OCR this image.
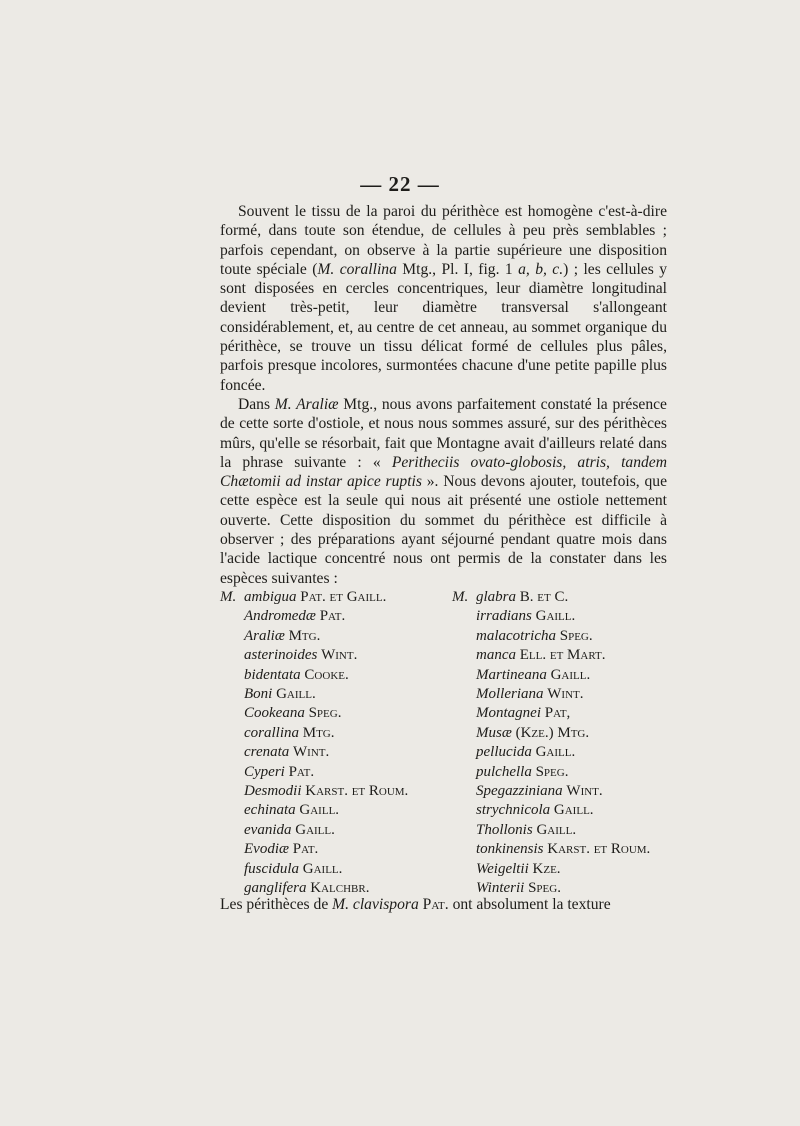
— 22 —

Souvent le tissu de la paroi du périthèce est homogène c'est-à-dire formé, dans toute son étendue, de cellules à peu près semblables ; parfois cependant, on observe à la partie supérieure une disposition toute spéciale (M. corallina Mtg., Pl. I, fig. 1 a, b, c.) ; les cellules y sont disposées en cercles concentriques, leur diamètre longitudinal devient très-petit, leur diamètre transversal s'allongeant considérablement, et, au centre de cet anneau, au sommet organique du périthèce, se trouve un tissu délicat formé de cellules plus pâles, parfois presque incolores, surmontées chacune d'une petite papille plus foncée.

Dans M. Araliæ Mtg., nous avons parfaitement constaté la présence de cette sorte d'ostiole, et nous nous sommes assuré, sur des périthèces mûrs, qu'elle se résorbait, fait que Montagne avait d'ailleurs relaté dans la phrase suivante : « Peritheciis ovato-globosis, atris, tandem Chætomii ad instar apice ruptis ». Nous devons ajouter, toutefois, que cette espèce est la seule qui nous ait présenté une ostiole nettement ouverte. Cette disposition du sommet du périthèce est difficile à observer ; des préparations ayant séjourné pendant quatre mois dans l'acide lactique concentré nous ont permis de la constater dans les espèces suivantes :

M. ambigua Pat. et Gaill.
Andromedæ Pat.
Araliæ Mtg.
asterinoides Wint.
bidentata Cooke.
Boni Gaill.
Cookeana Speg.
corallina Mtg.
crenata Wint.
Cyperi Pat.
Desmodii Karst. et Roum.
echinata Gaill.
evanida Gaill.
Evodiæ Pat.
fuscidula Gaill.
ganglifera Kalchbr.
M. glabra B. et C.
irradians Gaill.
malacotricha Speg.
manca Ell. et Mart.
Martineana Gaill.
Molleriana Wint.
Montagnei Pat,
Musæ (Kze.) Mtg.
pellucida Gaill.
pulchella Speg.
Spegazziniana Wint.
strychnicola Gaill.
Thollonis Gaill.
tonkinensis Karst. et Roum.
Weigeltii Kze.
Winterii Speg.
Les périthèces de M. clavispora Pat. ont absolument la texture
